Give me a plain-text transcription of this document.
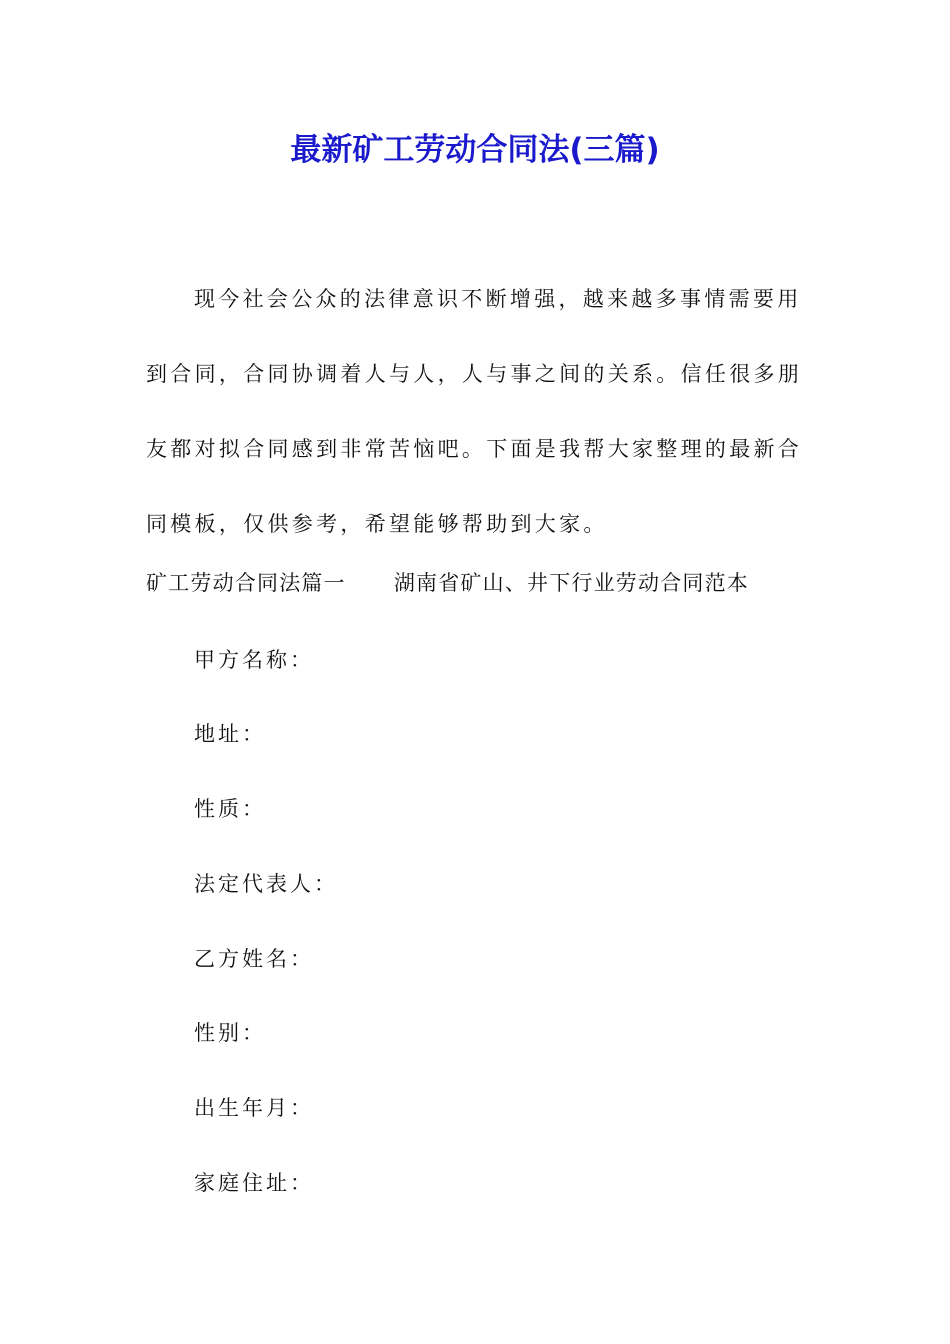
最新矿工劳动合同法(三篇)

现今社会公众的法律意识不断增强，越来越多事情需要用到合同，合同协调着人与人，人与事之间的关系。信任很多朋友都对拟合同感到非常苦恼吧。下面是我帮大家整理的最新合同模板，仅供参考，希望能够帮助到大家。

矿工劳动合同法篇一 湖南省矿山、井下行业劳动合同范本
甲方名称：
地址：
性质：
法定代表人：
乙方姓名：
性别：
出生年月：
家庭住址：
